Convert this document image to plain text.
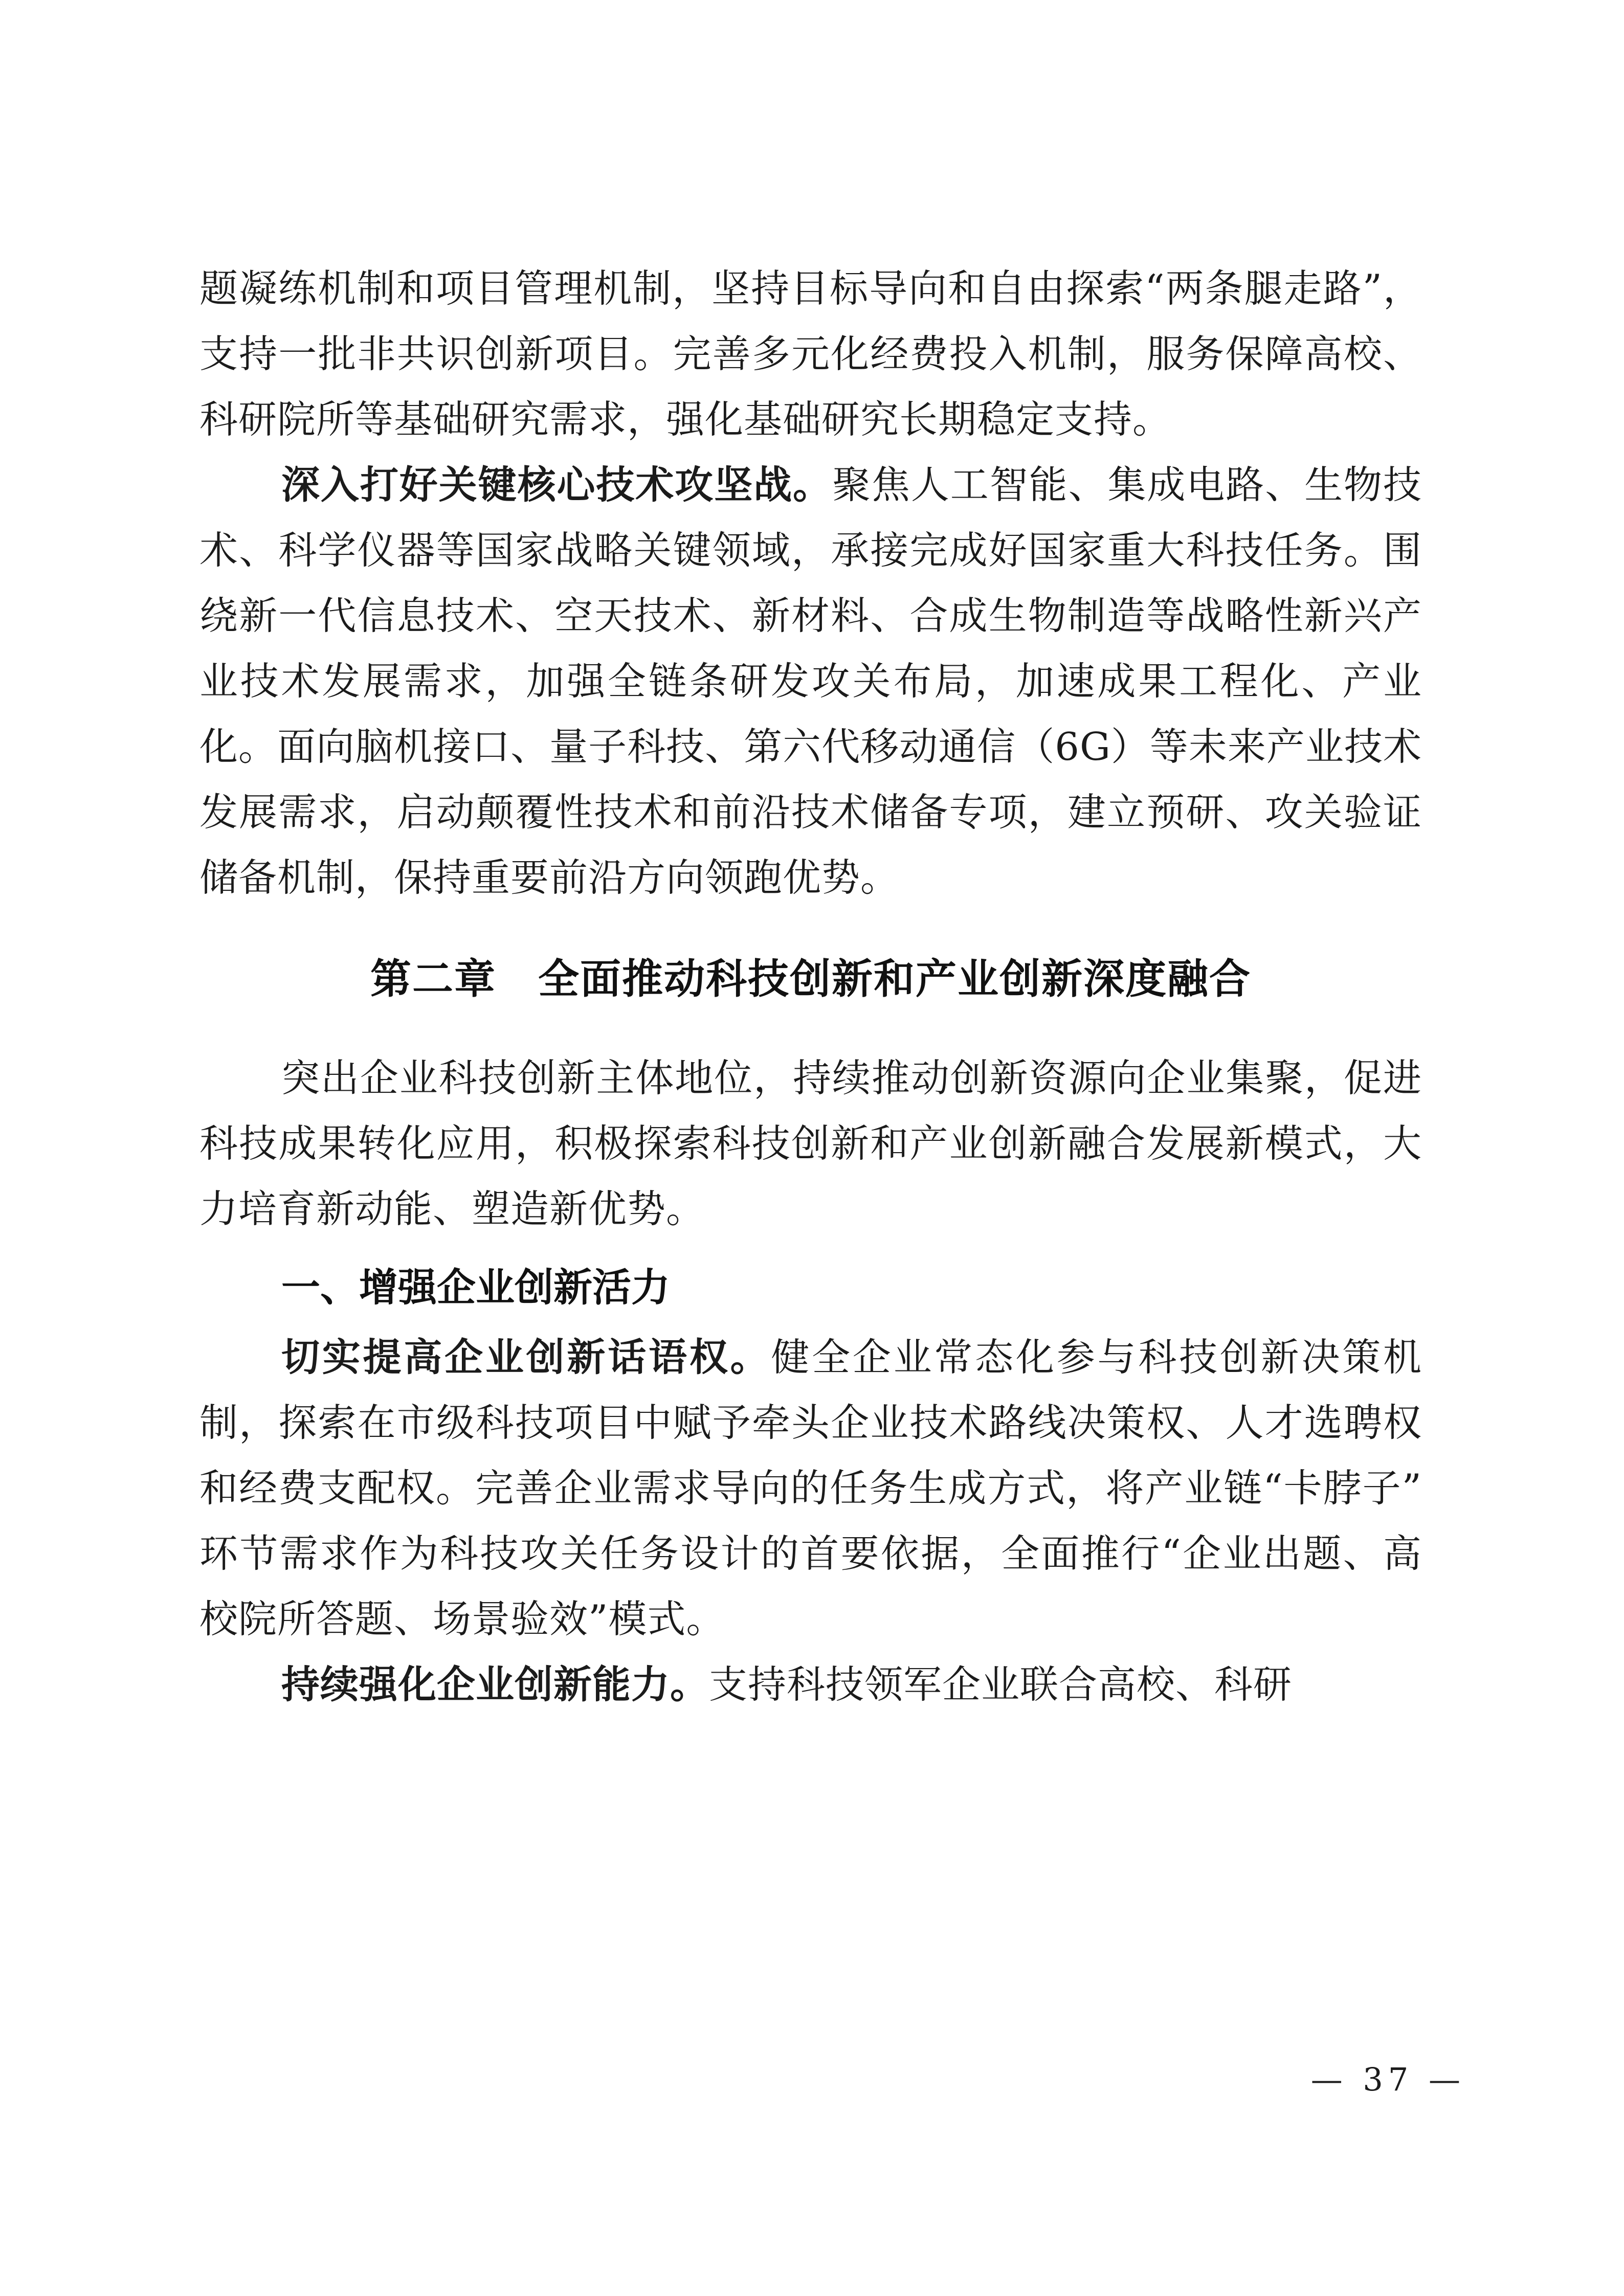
题凝练机制和项目管理机制，坚持目标导向和自由探索“两条腿走路”，支持一批非共识创新项目。完善多元化经费投入机制，服务保障高校、科研院所等基础研究需求，强化基础研究长期稳定支持。

深入打好关键核心技术攻坚战。聚焦人工智能、集成电路、生物技术、科学仪器等国家战略关键领域，承接完成好国家重大科技任务。围绕新一代信息技术、空天技术、新材料、合成生物制造等战略性新兴产业技术发展需求，加强全链条研发攻关布局，加速成果工程化、产业化。面向脑机接口、量子科技、第六代移动通信（6G）等未来产业技术发展需求，启动颠覆性技术和前沿技术储备专项，建立预研、攻关验证储备机制，保持重要前沿方向领跑优势。

第二章　全面推动科技创新和产业创新深度融合

突出企业科技创新主体地位，持续推动创新资源向企业集聚，促进科技成果转化应用，积极探索科技创新和产业创新融合发展新模式，大力培育新动能、塑造新优势。

一、增强企业创新活力

切实提高企业创新话语权。健全企业常态化参与科技创新决策机制，探索在市级科技项目中赋予牵头企业技术路线决策权、人才选聘权和经费支配权。完善企业需求导向的任务生成方式，将产业链“卡脖子”环节需求作为科技攻关任务设计的首要依据，全面推行“企业出题、高校院所答题、场景验效”模式。

持续强化企业创新能力。支持科技领军企业联合高校、科研

— 37 —
